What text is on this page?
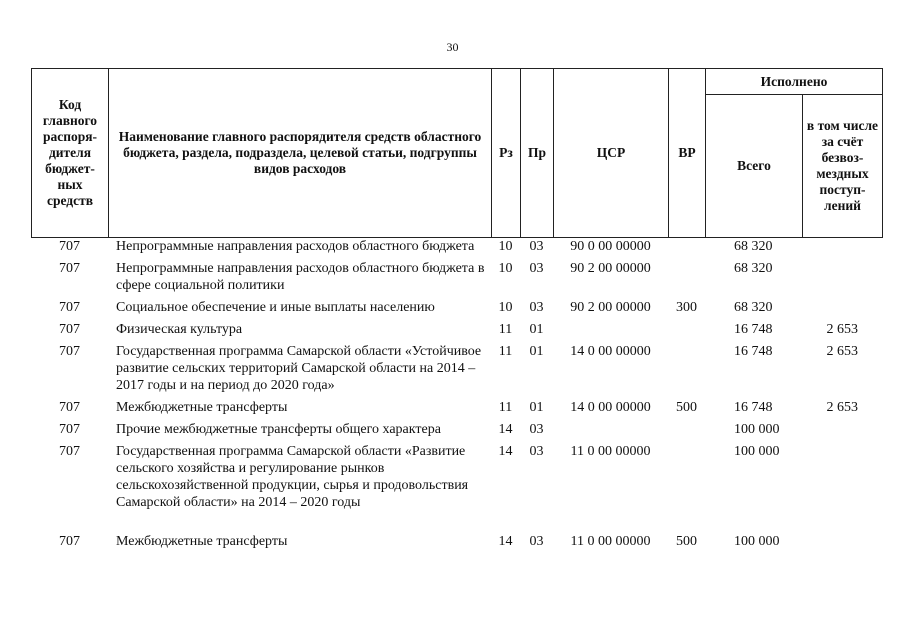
30
Код главного распоря-дителя бюджет-ных средств	Наименование главного распорядителя средств областного бюджета, раздела, подраздела, целевой статьи, подгруппы видов расходов	Рз	Пр	ЦСР	ВР	Исполнено	
						Всего	в том числе за счёт безвоз-мездных поступ-лений
707	Непрограммные направления расходов областного бюджета	10	03	90 0 00 00000		68 320	
707	Непрограммные направления расходов областного бюджета в сфере социальной политики	10	03	90 2 00 00000		68 320	
707	Социальное обеспечение и иные выплаты населению	10	03	90 2 00 00000	300	68 320	
707	Физическая культура	11	01			16 748	2 653
707	Государственная программа Самарской области «Устойчивое развитие сельских территорий Самарской области на 2014 – 2017 годы и на период до 2020 года»	11	01	14 0 00 00000		16 748	2 653
707	Межбюджетные трансферты	11	01	14 0 00 00000	500	16 748	2 653
707	Прочие межбюджетные трансферты общего характера	14	03			100 000	
707	Государственная программа Самарской области «Развитие сельского хозяйства и регулирование рынков сельскохозяйственной продукции, сырья и продовольствия Самарской области» на 2014 – 2020 годы	14	03	11 0 00 00000		100 000	
707	Межбюджетные трансферты	14	03	11 0 00 00000	500	100 000	
